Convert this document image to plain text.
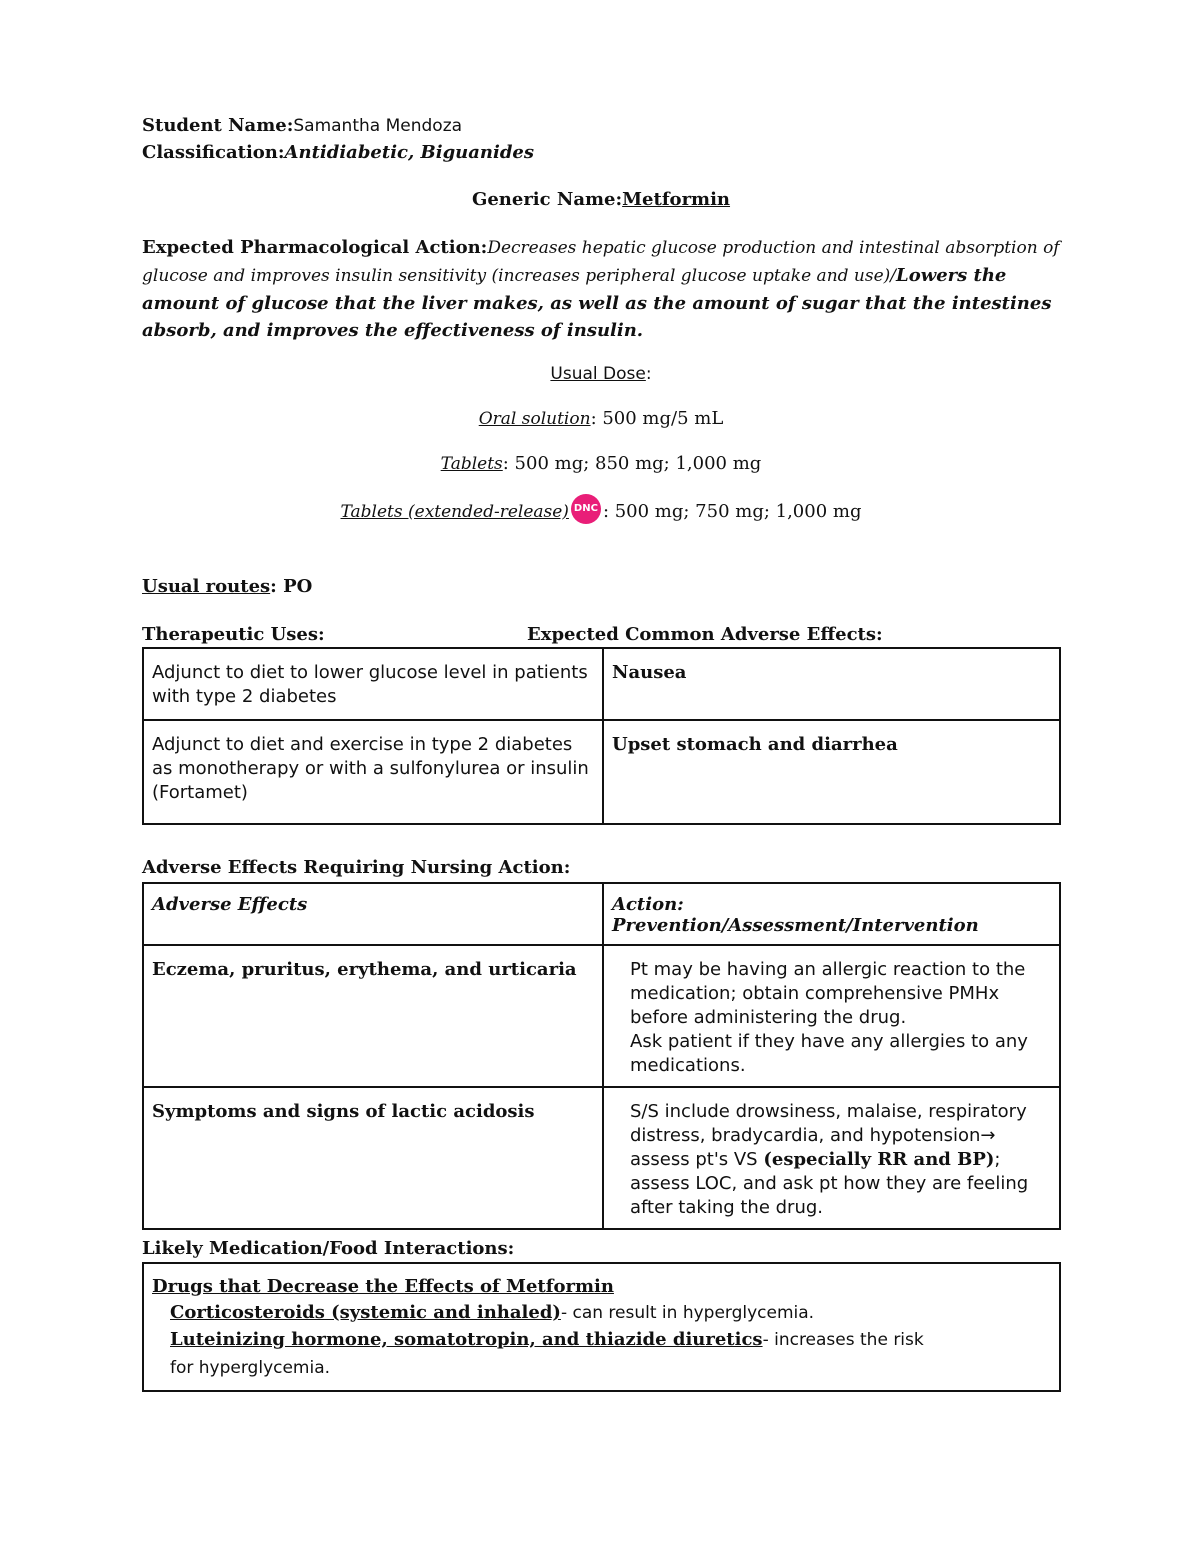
Student Name:Samantha Mendoza
Classification:Antidiabetic, Biguanides
Generic Name:Metformin
Expected Pharmacological Action:Decreases hepatic glucose production and intestinal absorption of glucose and improves insulin sensitivity (increases peripheral glucose uptake and use)/Lowers the amount of glucose that the liver makes, as well as the amount of sugar that the intestines absorb, and improves the effectiveness of insulin.
Usual Dose:
Oral solution: 500 mg/5 mL
Tablets: 500 mg; 850 mg; 1,000 mg
Tablets (extended-release) DNC : 500 mg; 750 mg; 1,000 mg
Usual routes: PO
Therapeutic Uses:	Expected Common Adverse Effects:
Adjunct to diet to lower glucose level in patients with type 2 diabetes	Nausea
Adjunct to diet and exercise in type 2 diabetes as monotherapy or with a sulfonylurea or insulin (Fortamet)	Upset stomach and diarrhea
Adverse Effects Requiring Nursing Action:
Adverse Effects	Action: Prevention/Assessment/Intervention
Eczema, pruritus, erythema, and urticaria	Pt may be having an allergic reaction to the medication; obtain comprehensive PMHx before administering the drug.
Ask patient if they have any allergies to any medications.

Symptoms and signs of lactic acidosis	S/S include drowsiness, malaise, respiratory distress, bradycardia, and hypotension→ assess pt's VS (especially RR and BP); assess LOC, and ask pt how they are feeling after taking the drug.
Likely Medication/Food Interactions:
Drugs that Decrease the Effects of Metformin
Corticosteroids (systemic and inhaled)- can result in hyperglycemia.
Luteinizing hormone, somatotropin, and thiazide diuretics- increases the risk for hyperglycemia.
